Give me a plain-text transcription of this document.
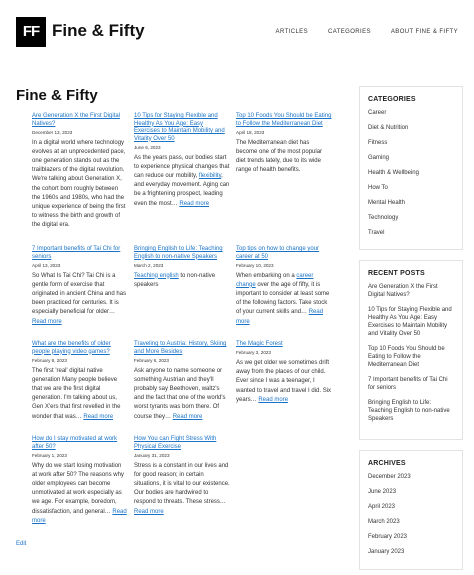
FF Fine & Fifty	ARTICLES	CATEGORIES	ABOUT FINE & FIFTY
Fine & Fifty
Are Generation X the First Digital Natives?
December 13, 2023

In a digital world where technology evolves at an unprecedented pace, one generation stands out as the trailblazers of the digital revolution. We're talking about Generation X, the cohort born roughly between the 1960s and 1980s, who had the unique experience of being the first to witness the birth and growth of the digital era.

10 Tips for Staying Flexible and Healthy As You Age: Easy Exercises to Maintain Mobility and Vitality Over 50
June 6, 2023

As the years pass, our bodies start to experience physical changes that can reduce our mobility, flexibility, and everyday movement. Aging can be a frightening prospect, leading even the most… Read more

Top 10 Foods You Should be Eating to Follow the Mediterranean Diet
April 18, 2023

The Mediterranean diet has become one of the most popular diet trends lately, due to its wide range of health benefits.

7 Important benefits of Tai Chi for seniors
April 13, 2023

So What Is Tai Chi? Tai Chi is a gentle form of exercise that originated in ancient China and has been practiced for centuries. It is especially beneficial for older… Read more

Bringing English to Life: Teaching English to non-native Speakers
March 2, 2023

Teaching english to non-native speakers

Top tips on how to change your career at 50
February 10, 2023

When embarking on a career change over the age of fifty, it is important to consider at least some of the following factors. Take stock of your current skills and… Read more

What are the benefits of older people playing video games?
February 8, 2023

The first 'real' digital native generation Many people believe that we are the first digital generation. I'm talking about us, Gen X'ers that first revelled in the wonder that was… Read more

Traveling to Austria: History, Skiing and More Besides
February 6, 2023

Ask anyone to name someone or something Austrian and they'll probably say Beethoven, waltz's and the fact that one of the world's worst tyrants was born there. Of course they… Read more

The Magic Forest
February 3, 2023

As we get older we sometimes drift away from the places of our child. Ever since I was a teenager, I wanted to travel and travel I did. Six years… Read more

How do I stay motivated at work after 50?
February 1, 2023

Why do we start losing motivation at work after 50? The reasons why older employees can become unmotivated at work especially as we age. For example, boredom, dissatisfaction, and general… Read more

How You can Fight Stress With Physical Exercise
January 31, 2023

Stress is a constant in our lives and for good reason; in certain situations, it is vital to our existence. Our bodies are hardwired to respond to threats. These stress… Read more

Edit
CATEGORIES
Career
Diet & Nutrition
Fitness
Gaming
Health & Wellbeing
How To
Mental Health
Technology
Travel
RECENT POSTS
Are Generation X the First Digital Natives?
10 Tips for Staying Flexible and Healthy As You Age: Easy Exercises to Maintain Mobility and Vitality Over 50
Top 10 Foods You Should be Eating to Follow the Mediterranean Diet
7 Important benefits of Tai Chi for seniors
Bringing English to Life: Teaching English to non-native Speakers
ARCHIVES
December 2023
June 2023
April 2023
March 2023
February 2023
January 2023
